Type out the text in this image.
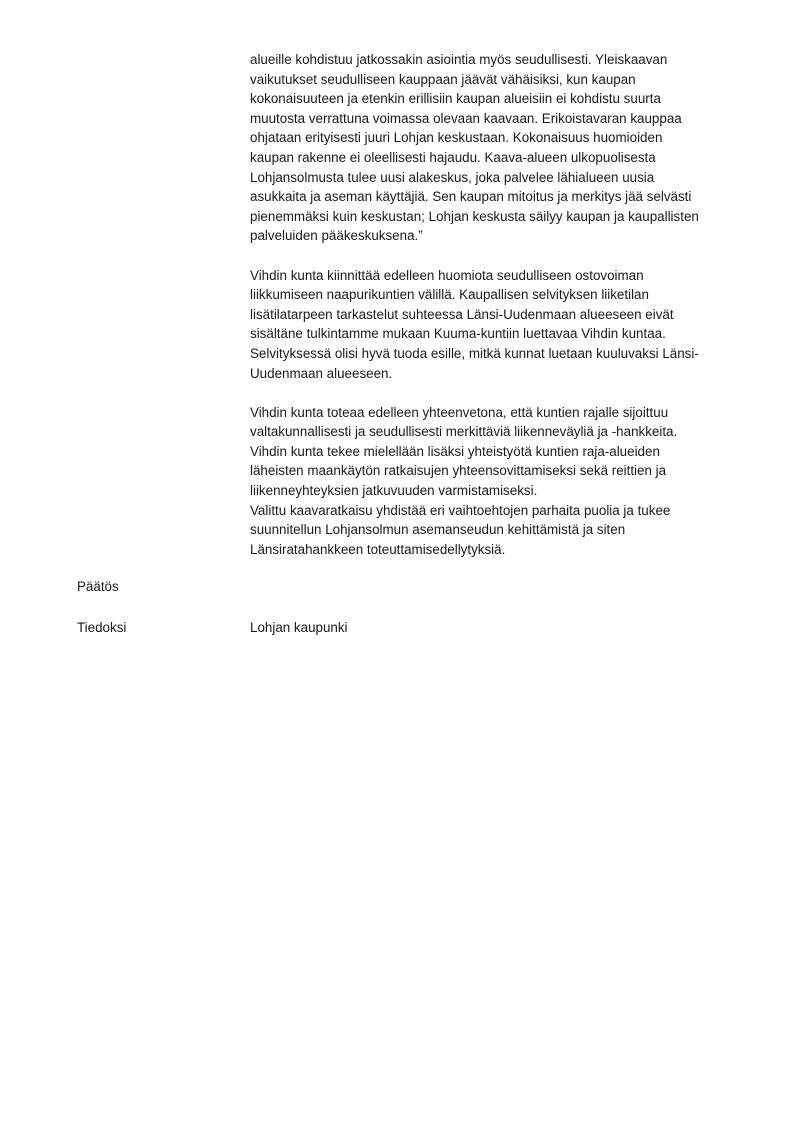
alueille kohdistuu jatkossakin asiointia myös seudullisesti. Yleiskaavan
vaikutukset seudulliseen kauppaan jäävät vähäisiksi, kun kaupan
kokonaisuuteen ja etenkin erillisiin kaupan alueisiin ei kohdistu suurta
muutosta verrattuna voimassa olevaan kaavaan. Erikoistavaran kauppaa
ohjataan erityisesti juuri Lohjan keskustaan. Kokonaisuus huomioiden
kaupan rakenne ei oleellisesti hajaudu. Kaava-alueen ulkopuolisesta
Lohjansolmusta tulee uusi alakeskus, joka palvelee lähialueen uusia
asukkaita ja aseman käyttäjiä. Sen kaupan mitoitus ja merkitys jää selvästi
pienemmäksi kuin keskustan; Lohjan keskusta säilyy kaupan ja kaupallisten
palveluiden pääkeskuksena.”

Vihdin kunta kiinnittää edelleen huomiota seudulliseen ostovoiman
liikkumiseen naapurikuntien välillä. Kaupallisen selvityksen liiketilan
lisätilatarpeen tarkastelut suhteessa Länsi-Uudenmaan alueeseen eivät
sisältäne tulkintamme mukaan Kuuma-kuntiin luettavaa Vihdin kuntaa.
Selvityksessä olisi hyvä tuoda esille, mitkä kunnat luetaan kuuluvaksi Länsi-
Uudenmaan alueeseen.

Vihdin kunta toteaa edelleen yhteenvetona, että kuntien rajalle sijoittuu
valtakunnallisesti ja seudullisesti merkittäviä liikenneväyliä ja -hankkeita.
Vihdin kunta tekee mielellään lisäksi yhteistyötä kuntien raja-alueiden
läheisten maankäytön ratkaisujen yhteensovittamiseksi sekä reittien ja
liikenneyhteyksien jatkuvuuden varmistamiseksi.
Valittu kaavaratkaisu yhdistää eri vaihtoehtojen parhaita puolia ja tukee
suunnitellun Lohjansolmun asemanseudun kehittämistä ja siten
Länsiratahankkeen toteuttamisedellytyksiä.

Päätös
Tiedoksi	Lohjan kaupunki
